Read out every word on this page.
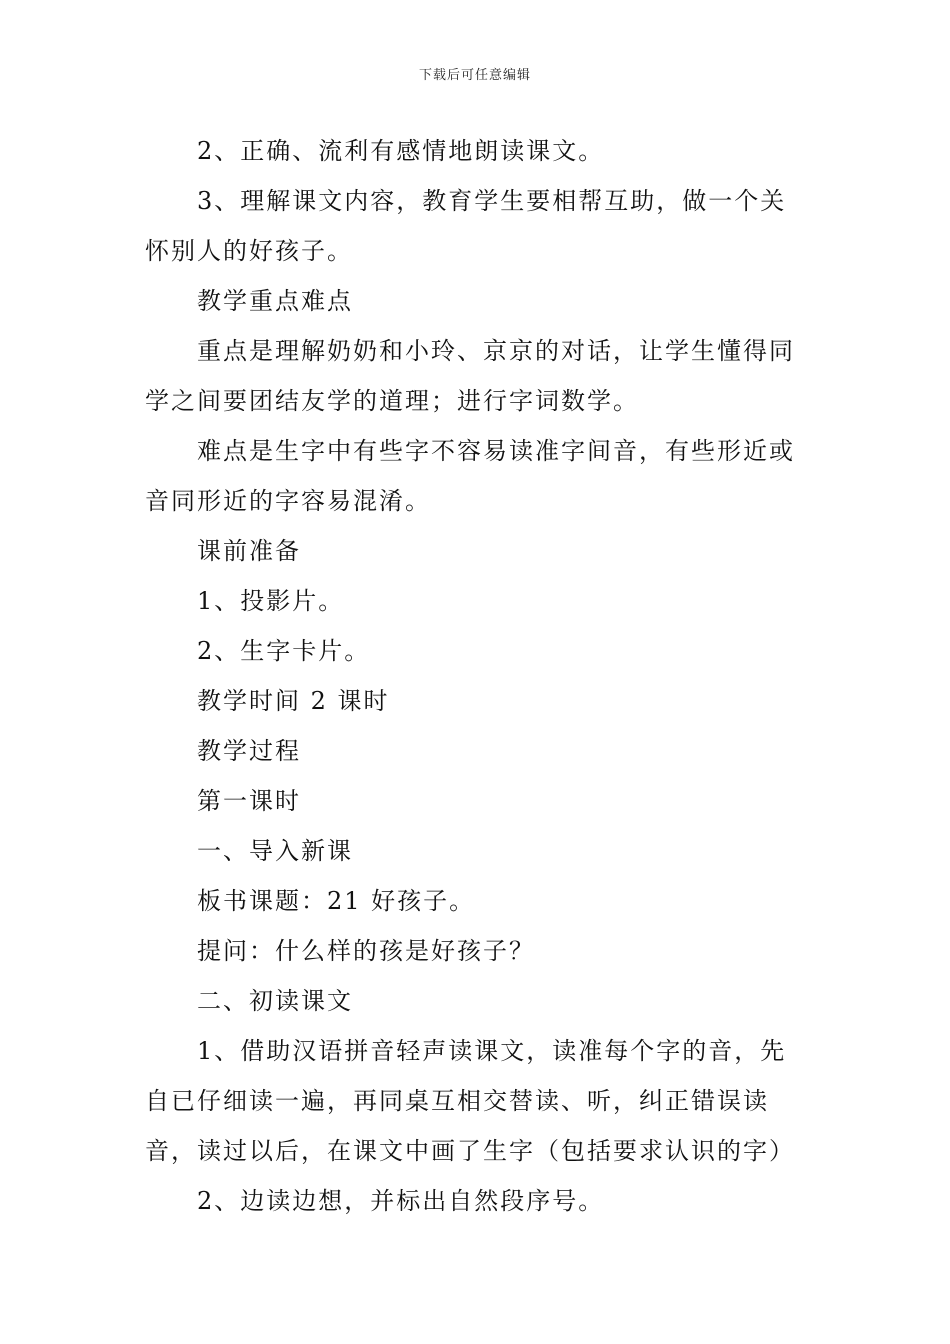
下载后可任意编辑

2、正确、流利有感情地朗读课文。

3、理解课文内容，教育学生要相帮互助，做一个关怀别人的好孩子。

教学重点难点

重点是理解奶奶和小玲、京京的对话，让学生懂得同学之间要团结友学的道理；进行字词数学。

难点是生字中有些字不容易读准字间音，有些形近或音同形近的字容易混淆。

课前准备

1、投影片。

2、生字卡片。

教学时间 2 课时

教学过程

第一课时

一、导入新课

板书课题：21 好孩子。

提问：什么样的孩是好孩子？

二、初读课文

1、借助汉语拼音轻声读课文，读准每个字的音，先自已仔细读一遍，再同桌互相交替读、听，纠正错误读音，读过以后，在课文中画了生字（包括要求认识的字）

2、边读边想，并标出自然段序号。
